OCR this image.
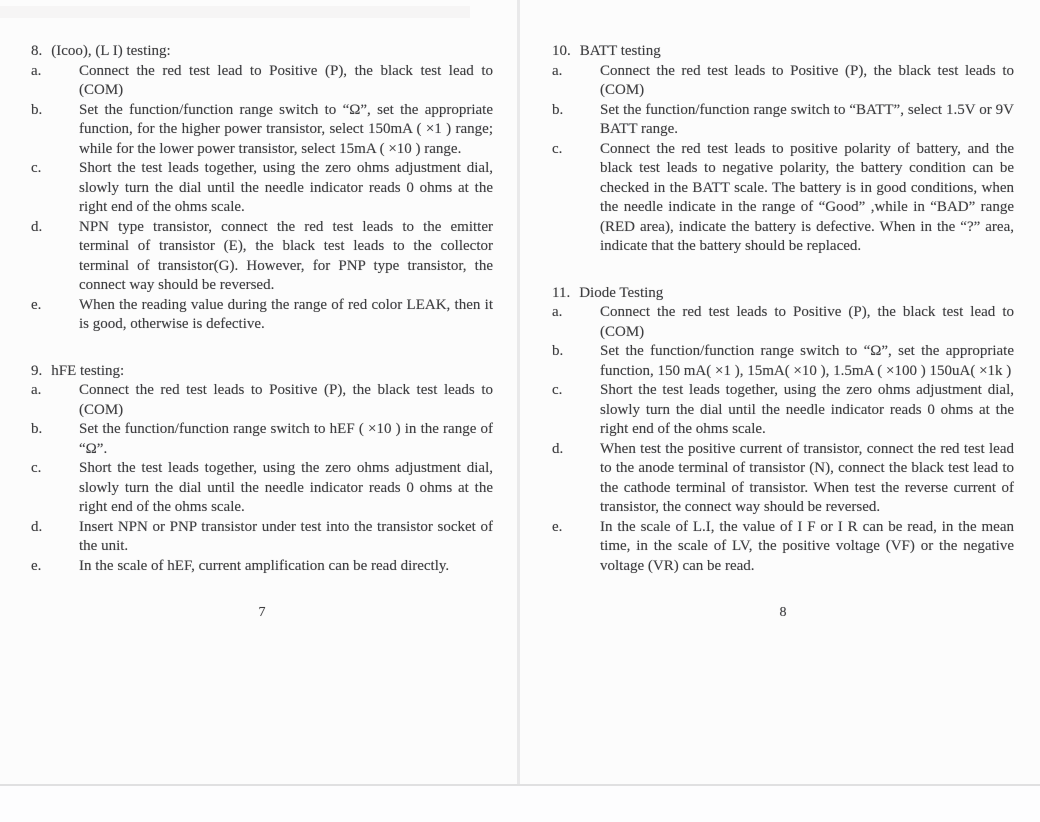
8. (Icoo), (L I) testing:
a.	Connect the red test lead to Positive (P), the black test lead to (COM)
b.	Set the function/function range switch to “Ω”, set the appropriate function, for the higher power transistor, select 150mA ( ×1 ) range; while for the lower power transistor, select 15mA ( ×10 ) range.
c.	Short the test leads together, using the zero ohms adjustment dial, slowly turn the dial until the needle indicator reads 0 ohms at the right end of the ohms scale.
d.	NPN type transistor, connect the red test leads to the emitter terminal of transistor (E), the black test leads to the collector terminal of transistor(G). However, for PNP type transistor, the connect way should be reversed.
e.	When the reading value during the range of red color LEAK, then it is good, otherwise is defective.
9. hFE testing:
a.	Connect the red test leads to Positive (P), the black test leads to (COM)
b.	Set the function/function range switch to hEF ( ×10 ) in the range of “Ω”.
c.	Short the test leads together, using the zero ohms adjustment dial, slowly turn the dial until the needle indicator reads 0 ohms at the right end of the ohms scale.
d.	Insert NPN or PNP transistor under test into the transistor socket of the unit.
e.	In the scale of hEF, current amplification can be read directly.
7
10. BATT testing
a.	Connect the red test leads to Positive (P), the black test leads to (COM)
b.	Set the function/function range switch to “BATT”, select 1.5V or 9V BATT range.
c.	Connect the red test leads to positive polarity of battery, and the black test leads to negative polarity, the battery condition can be checked in the BATT scale. The battery is in good conditions, when the needle indicate in the range of “Good” ,while in “BAD” range (RED area), indicate the battery is defective. When in the “?” area, indicate that the battery should be replaced.
11. Diode Testing
a.	Connect the red test leads to Positive (P), the black test lead to (COM)
b.	Set the function/function range switch to “Ω”, set the appropriate function, 150 mA( ×1 ), 15mA( ×10 ), 1.5mA ( ×100 ) 150uA( ×1k )
c.	Short the test leads together, using the zero ohms adjustment dial, slowly turn the dial until the needle indicator reads 0 ohms at the right end of the ohms scale.
d.	When test the positive current of transistor, connect the red test lead to the anode terminal of transistor (N), connect the black test lead to the cathode terminal of transistor. When test the reverse current of transistor, the connect way should be reversed.
e.	In the scale of L.I, the value of I F or I R can be read, in the mean time, in the scale of LV, the positive voltage (VF) or the negative voltage (VR) can be read.
8
